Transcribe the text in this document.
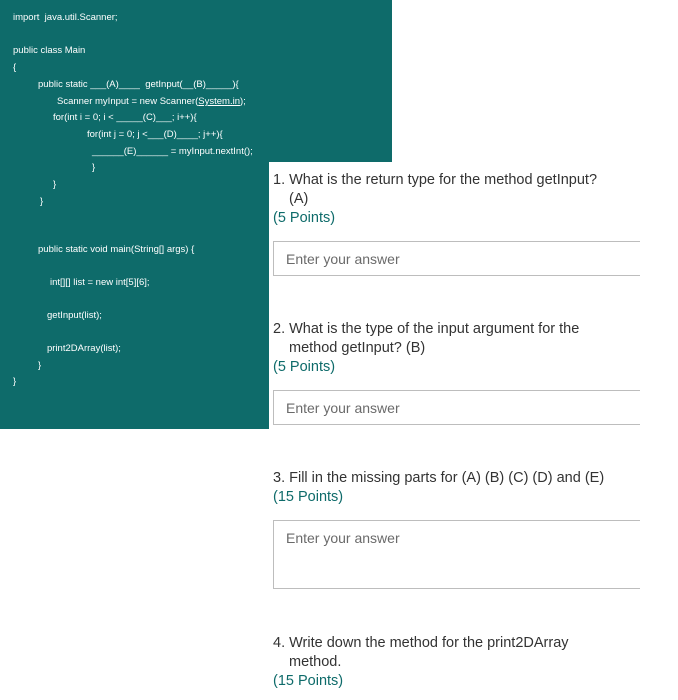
import  java.util.Scanner;
public class Main
{
public static ___(A)____  getInput(__(B)_____){
Scanner myInput = new Scanner(System.in);
for(int i = 0; i < _____(C)___; i++){
for(int j = 0; j <___(D)____; j++){
______(E)______ = myInput.nextInt();
}
}
}
public static void main(String[] args) {
int[][] list = new int[5][6];
getInput(list);
print2DArray(list);
}
}
1. What is the return type for the method getInput?
(A)
(5 Points)
Enter your answer
2. What is the type of the input argument for the
method getInput? (B)
(5 Points)
Enter your answer
3. Fill in the missing parts for (A) (B) (C) (D) and (E)
(15 Points)
Enter your answer
4. Write down the method for the print2DArray
method.
(15 Points)
